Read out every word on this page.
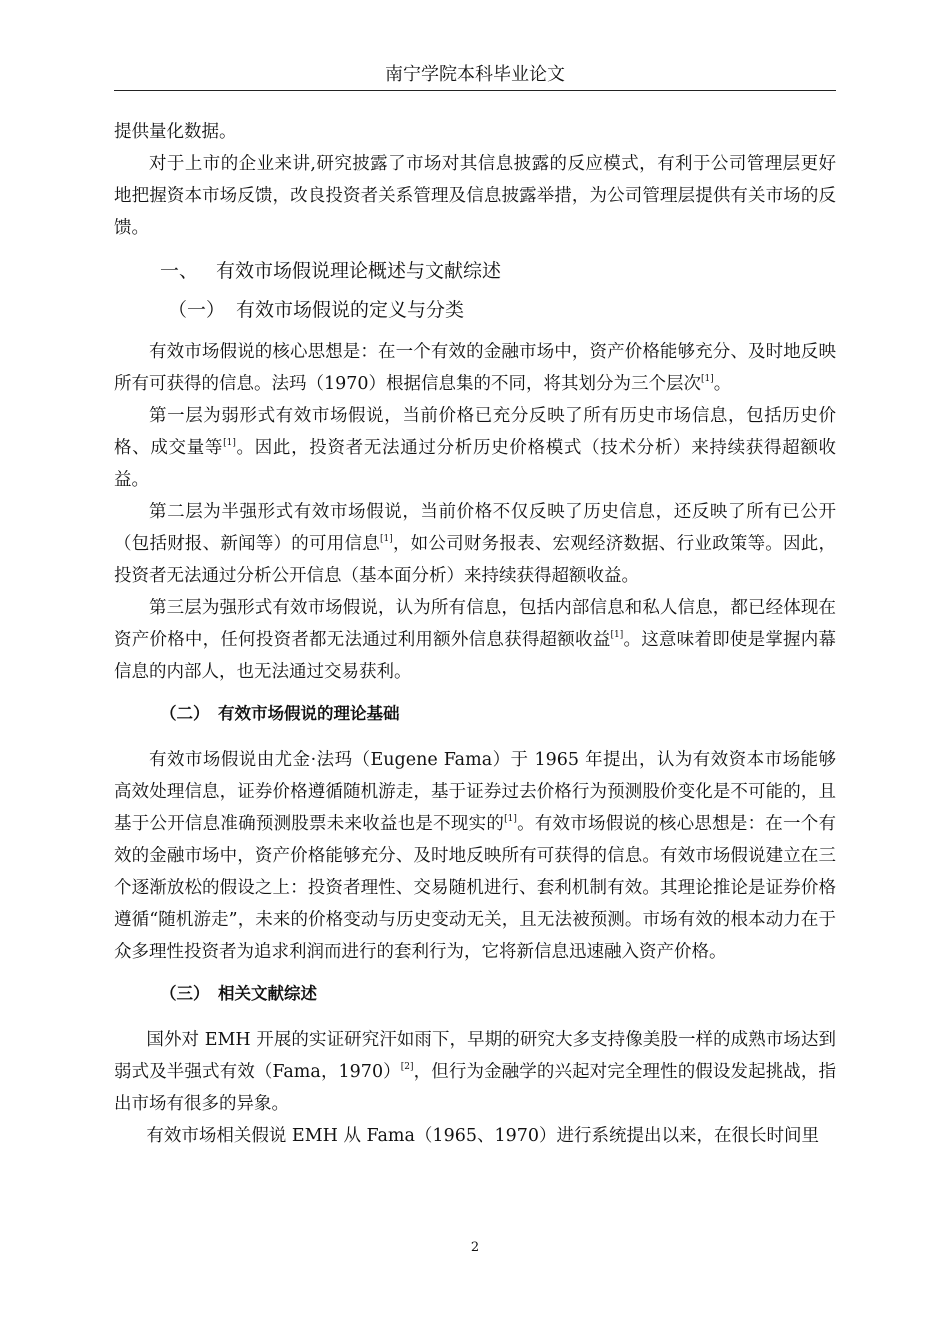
南宁学院本科毕业论文

提供量化数据。

对于上市的企业来讲,研究披露了市场对其信息披露的反应模式，有利于公司管理层更好地把握资本市场反馈，改良投资者关系管理及信息披露举措，为公司管理层提供有关市场的反馈。

一、 有效市场假说理论概述与文献综述
（一） 有效市场假说的定义与分类

有效市场假说的核心思想是：在一个有效的金融市场中，资产价格能够充分、及时地反映所有可获得的信息。法玛（1970）根据信息集的不同，将其划分为三个层次[1]。

第一层为弱形式有效市场假说，当前价格已充分反映了所有历史市场信息，包括历史价格、成交量等[1]。因此，投资者无法通过分析历史价格模式（技术分析）来持续获得超额收益。

第二层为半强形式有效市场假说，当前价格不仅反映了历史信息，还反映了所有已公开（包括财报、新闻等）的可用信息[1]，如公司财务报表、宏观经济数据、行业政策等。因此，投资者无法通过分析公开信息（基本面分析）来持续获得超额收益。

第三层为强形式有效市场假说，认为所有信息，包括内部信息和私人信息，都已经体现在资产价格中，任何投资者都无法通过利用额外信息获得超额收益[1]。这意味着即使是掌握内幕信息的内部人，也无法通过交易获利。

（二） 有效市场假说的理论基础

有效市场假说由尤金·法玛（Eugene Fama）于 1965 年提出，认为有效资本市场能够高效处理信息，证券价格遵循随机游走，基于证券过去价格行为预测股价变化是不可能的，且基于公开信息准确预测股票未来收益也是不现实的[1]。有效市场假说的核心思想是：在一个有效的金融市场中，资产价格能够充分、及时地反映所有可获得的信息。有效市场假说建立在三个逐渐放松的假设之上：投资者理性、交易随机进行、套利机制有效。其理论推论是证券价格遵循“随机游走”，未来的价格变动与历史变动无关，且无法被预测。市场有效的根本动力在于众多理性投资者为追求利润而进行的套利行为，它将新信息迅速融入资产价格。

（三） 相关文献综述

国外对 EMH 开展的实证研究汗如雨下，早期的研究大多支持像美股一样的成熟市场达到弱式及半强式有效（Fama，1970）[2]，但行为金融学的兴起对完全理性的假设发起挑战，指出市场有很多的异象。

有效市场相关假说 EMH 从 Fama（1965、1970）进行系统提出以来，在很长时间里

2
